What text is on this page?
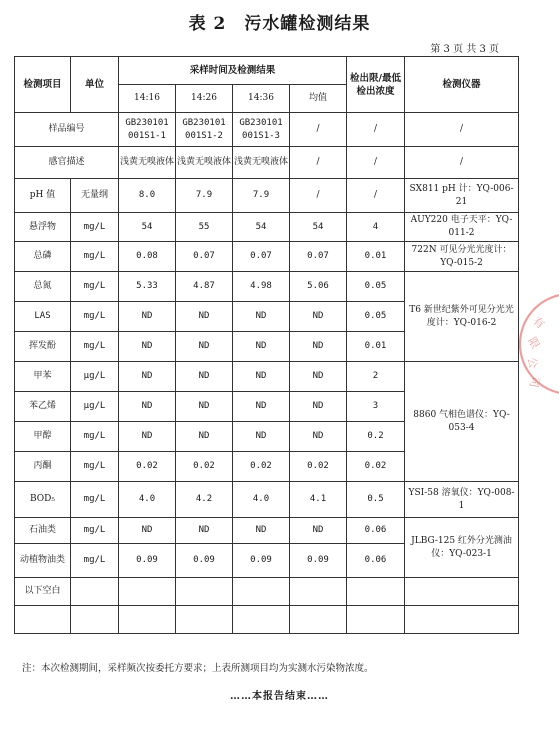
表 2　污水罐检测结果
第 3 页 共 3 页
检测项目	单位	采样时间及检测结果				检出限/最低检出浓度	检测仪器
		14:16	14:26	14:36	均值		
样品编号		GB230101 001S1-1	GB230101 001S1-2	GB230101 001S1-3	/	/	/
感官描述		浅黄无嗅液体	浅黄无嗅液体	浅黄无嗅液体	/	/	/
pH 值	无量纲	8.0	7.9	7.9	/	/	SX811 pH 计：YQ-006-21
悬浮物	mg/L	54	55	54	54	4	AUY220 电子天平：YQ-011-2
总磷	mg/L	0.08	0.07	0.07	0.07	0.01	722N 可见分光光度计：YQ-015-2
总氮	mg/L	5.33	4.87	4.98	5.06	0.05	T6 新世纪紫外可见分光光度计：YQ-016-2
LAS	mg/L	ND	ND	ND	ND	0.05	
挥发酚	mg/L	ND	ND	ND	ND	0.01	
甲苯	μg/L	ND	ND	ND	ND	2	8860 气相色谱仪：YQ-053-4
苯乙烯	μg/L	ND	ND	ND	ND	3	
甲醇	mg/L	ND	ND	ND	ND	0.2	
丙酮	mg/L	0.02	0.02	0.02	0.02	0.02	
BOD₅	mg/L	4.0	4.2	4.0	4.1	0.5	YSI-58 溶氧仪：YQ-008-1
石油类	mg/L	ND	ND	ND	ND	0.06	JLBG-125 红外分光测油仪：YQ-023-1
动植物油类	mg/L	0.09	0.09	0.09	0.09	0.06	
以下空白							

注：本次检测期间，采样频次按委托方要求；上表所测项目均为实测水污染物浓度。
……本报告结束……
有
限
公
司
